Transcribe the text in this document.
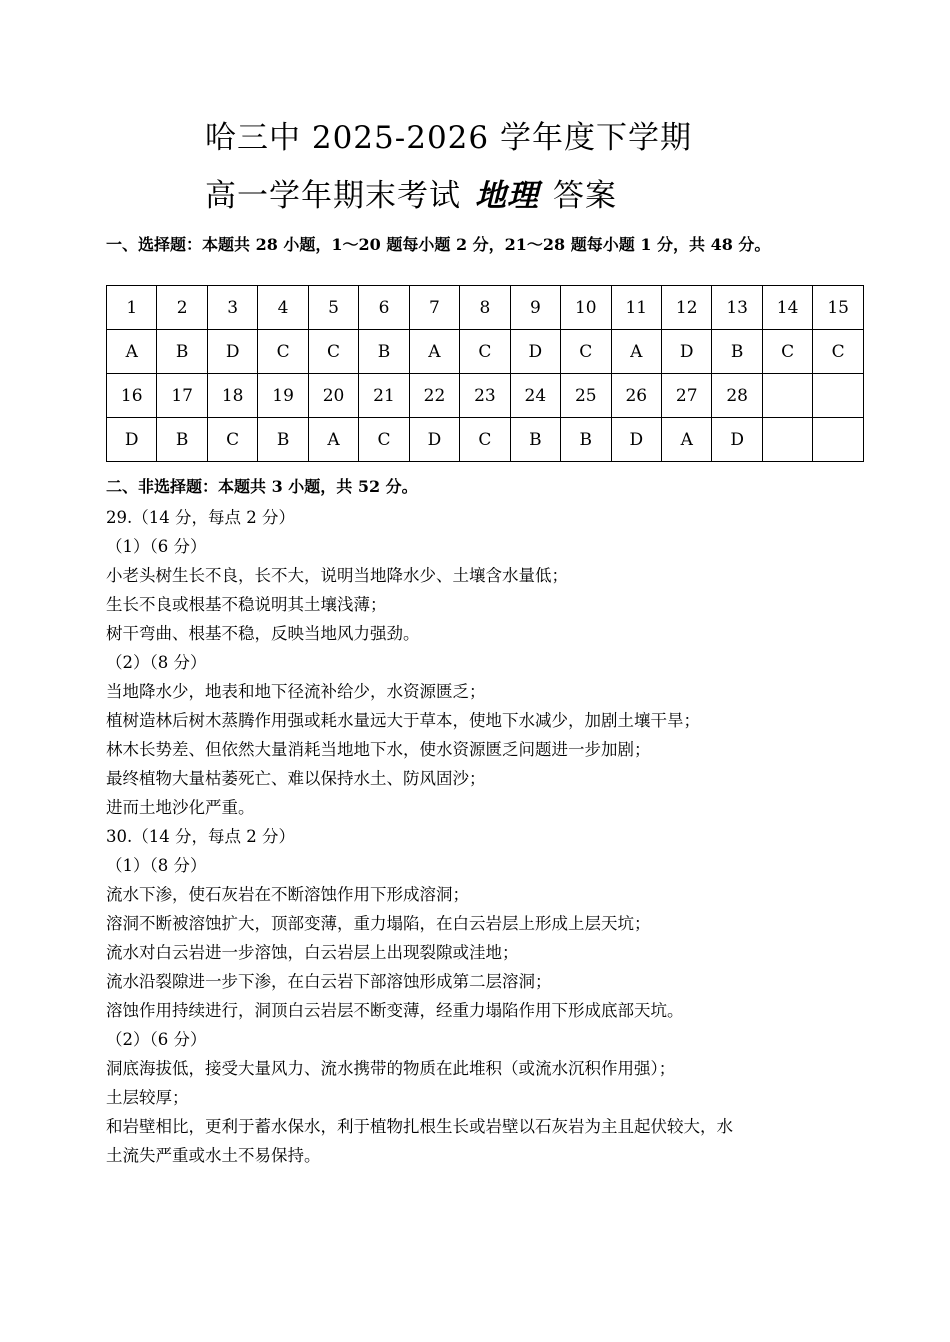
哈三中 2025-2026 学年度下学期
高一学年期末考试 地理 答案
一、选择题：本题共 28 小题，1～20 题每小题 2 分，21～28 题每小题 1 分，共 48 分。
1	2	3	4	5	6	7	8	9	10	11	12	13	14	15
A	B	D	C	C	B	A	C	D	C	A	D	B	C	C
16	17	18	19	20	21	22	23	24	25	26	27	28		
D	B	C	B	A	C	D	C	B	B	D	A	D		
二、非选择题：本题共 3 小题，共 52 分。
29.（14 分，每点 2 分）
（1）（6 分）
小老头树生长不良，长不大，说明当地降水少、土壤含水量低；
生长不良或根基不稳说明其土壤浅薄；
树干弯曲、根基不稳，反映当地风力强劲。
（2）（8 分）
当地降水少，地表和地下径流补给少，水资源匮乏；
植树造林后树木蒸腾作用强或耗水量远大于草本，使地下水减少，加剧土壤干旱；
林木长势差、但依然大量消耗当地地下水，使水资源匮乏问题进一步加剧；
最终植物大量枯萎死亡、难以保持水土、防风固沙；
进而土地沙化严重。
30.（14 分，每点 2 分）
（1）（8 分）
流水下渗，使石灰岩在不断溶蚀作用下形成溶洞；
溶洞不断被溶蚀扩大，顶部变薄，重力塌陷，在白云岩层上形成上层天坑；
流水对白云岩进一步溶蚀，白云岩层上出现裂隙或洼地；
流水沿裂隙进一步下渗，在白云岩下部溶蚀形成第二层溶洞；
溶蚀作用持续进行，洞顶白云岩层不断变薄，经重力塌陷作用下形成底部天坑。
（2）（6 分）
洞底海拔低，接受大量风力、流水携带的物质在此堆积（或流水沉积作用强）；
土层较厚；
和岩壁相比，更利于蓄水保水，利于植物扎根生长或岩壁以石灰岩为主且起伏较大，水
土流失严重或水土不易保持。
